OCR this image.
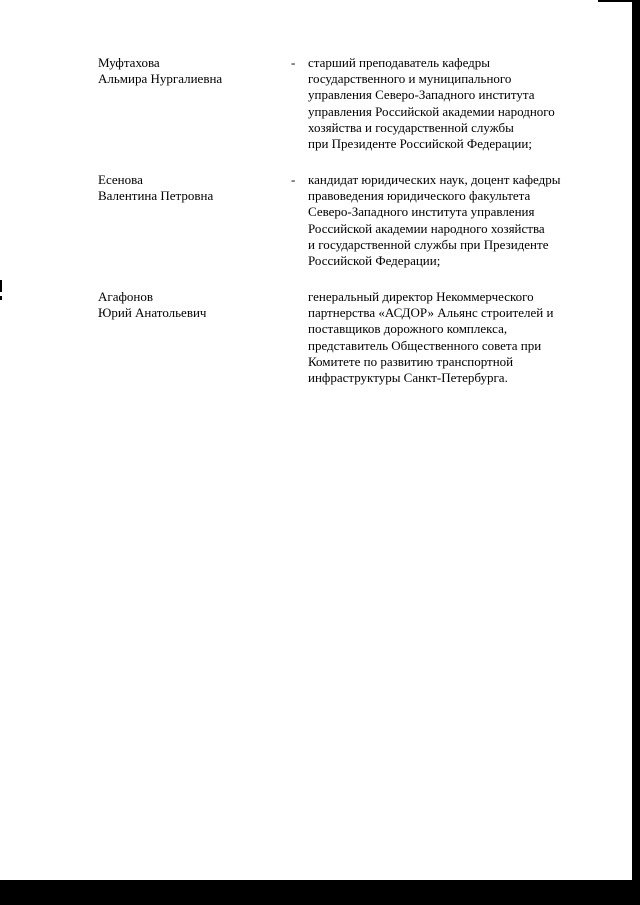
Муфтахова
Альмира Нургалиевна
- старший преподаватель кафедры
государственного и муниципального
управления Северо-Западного института
управления Российской академии народного
хозяйства и государственной службы
при Президенте Российской Федерации;
Есенова
Валентина Петровна
- кандидат юридических наук, доцент кафедры
правоведения юридического факультета
Северо-Западного института управления
Российской академии народного хозяйства
и государственной службы при Президенте
Российской Федерации;
Агафонов
Юрий Анатольевич
генеральный директор Некоммерческого
партнерства «АСДОР» Альянс строителей и
поставщиков дорожного комплекса,
представитель Общественного совета при
Комитете по развитию транспортной
инфраструктуры Санкт-Петербурга.
